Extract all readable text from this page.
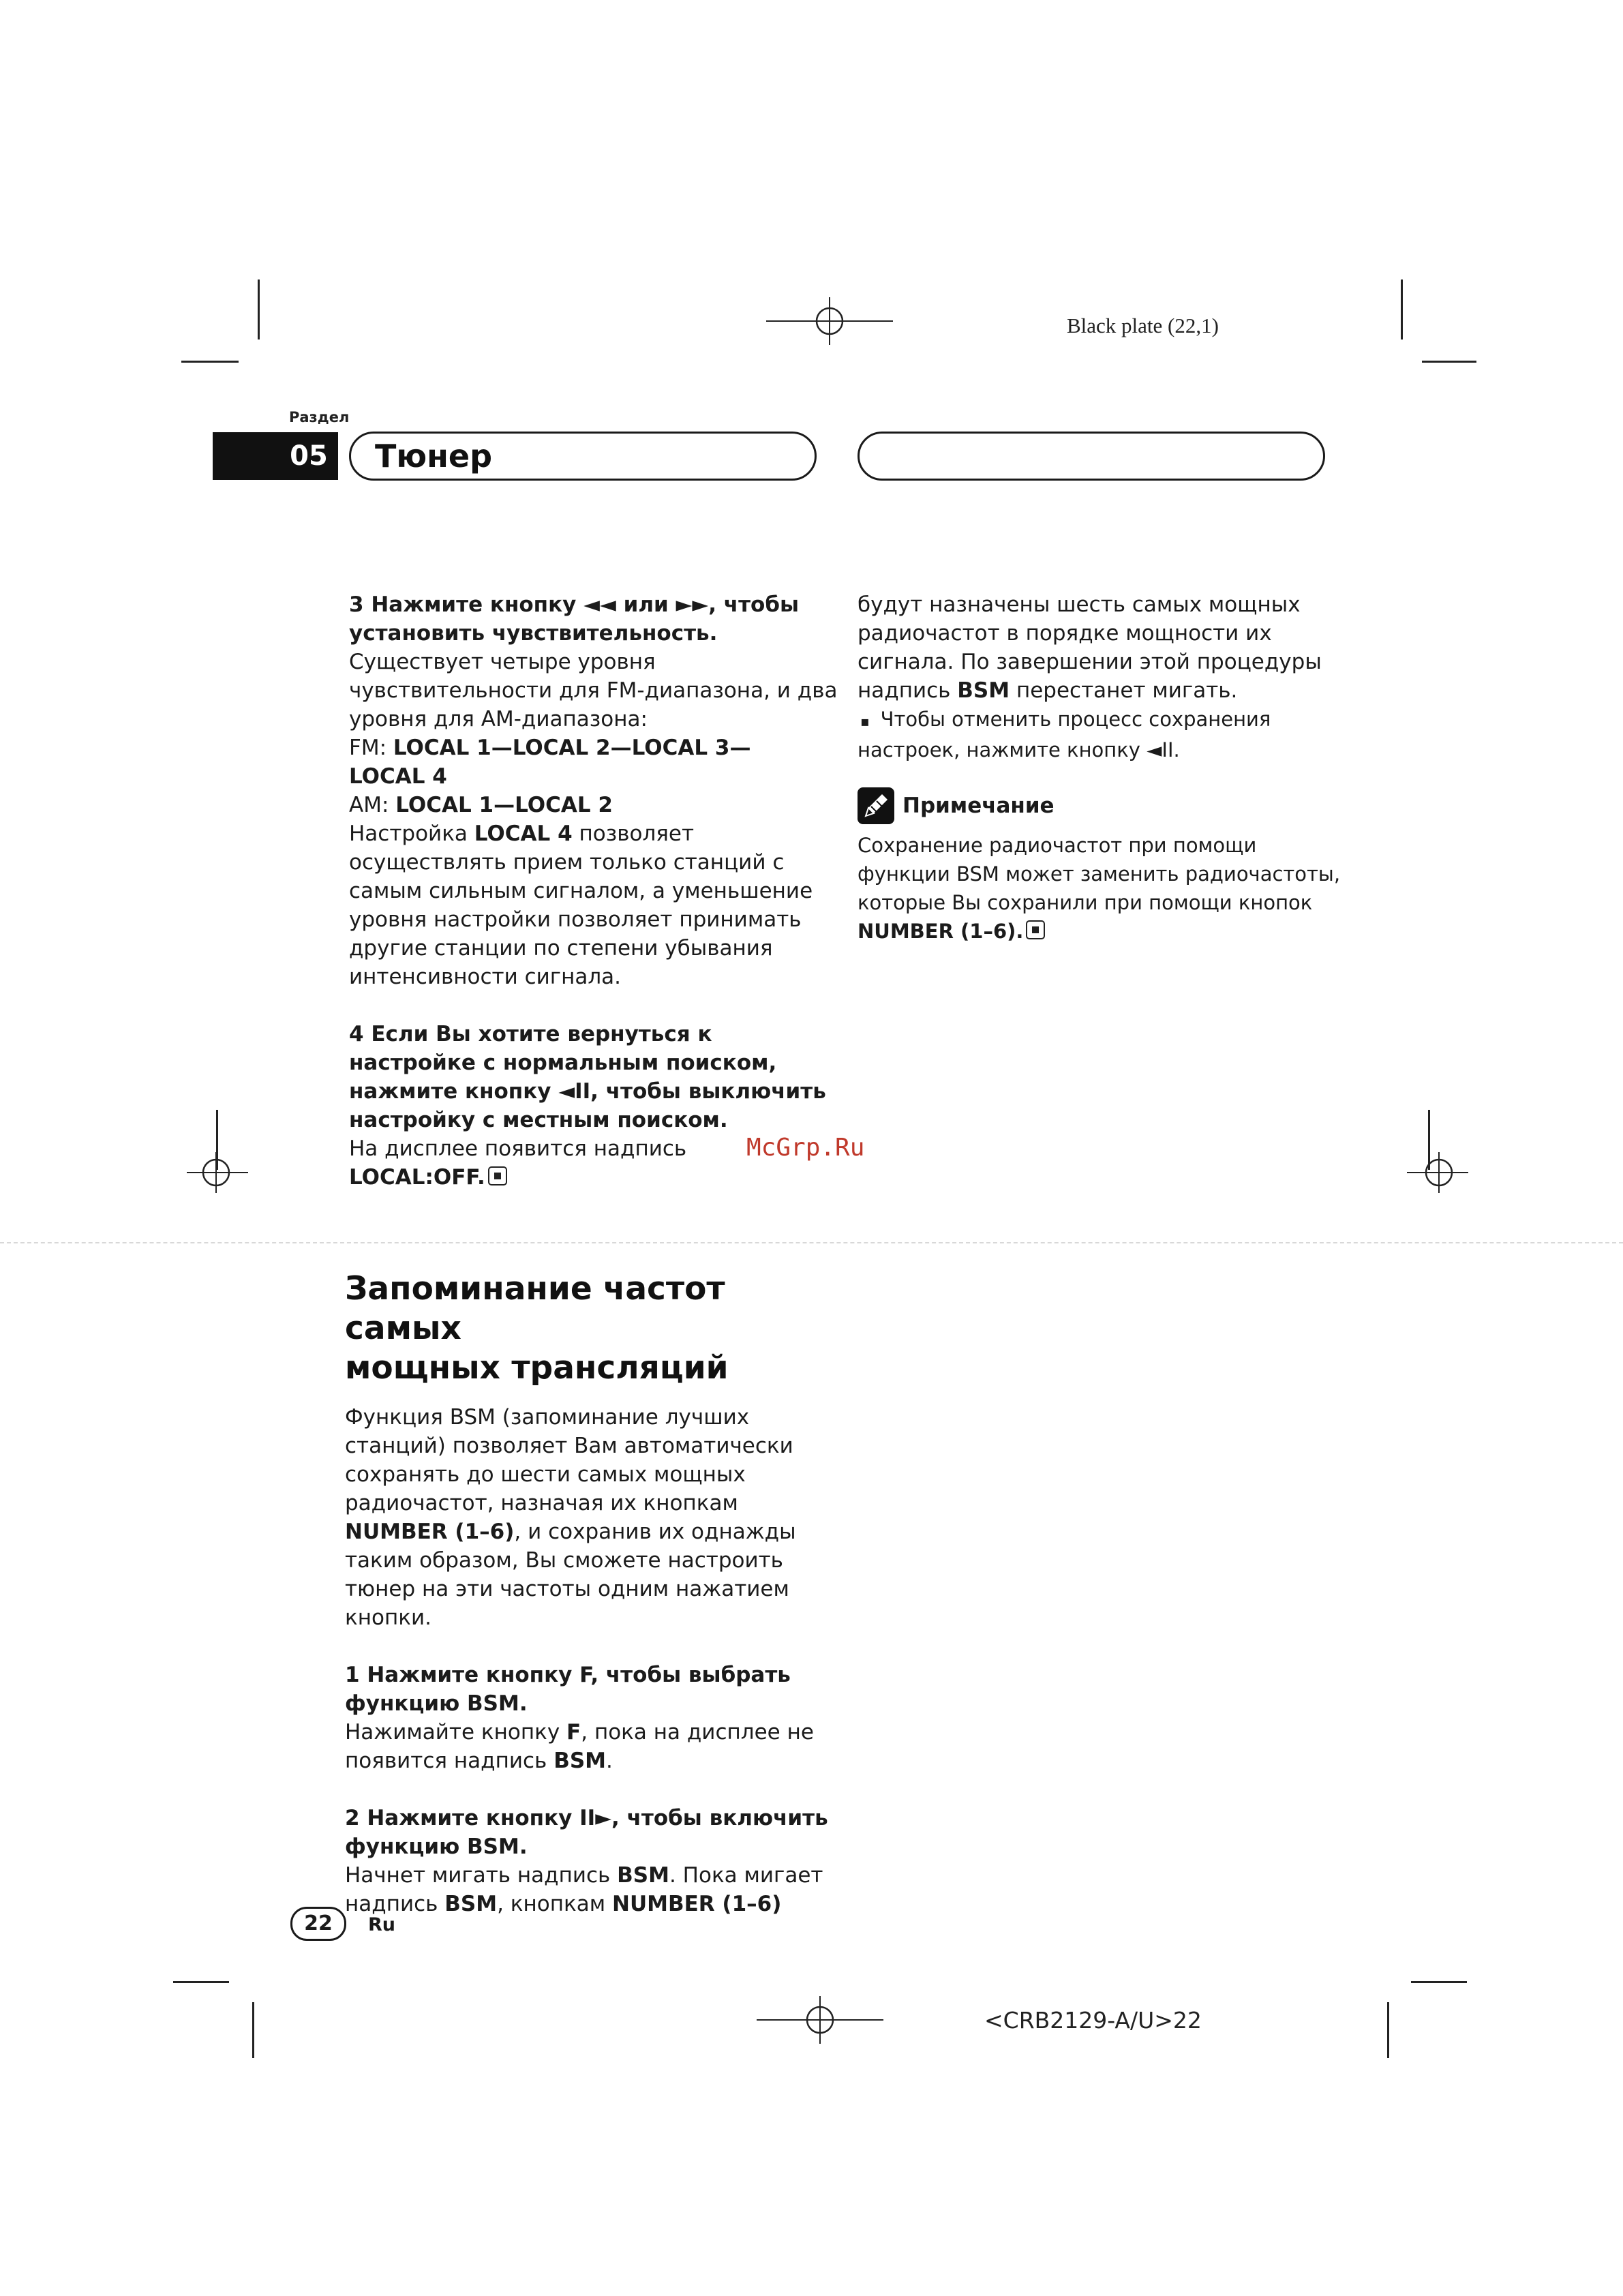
Black plate (22,1)
Раздел
05 Тюнер

3 Нажмите кнопку ◄◄ или ►►, чтобы
установить чувствительность.

Существует четыре уровня
чувствительности для FM-диапазона, и два
уровня для АМ-диапазона:
FM: LOCAL 1—LOCAL 2—LOCAL 3—
LOCAL 4
AM: LOCAL 1—LOCAL 2
Настройка LOCAL 4 позволяет
осуществлять прием только станций с
самым сильным сигналом, а уменьшение
уровня настройки позволяет принимать
другие станции по степени убывания
интенсивности сигнала.

4 Если Вы хотите вернуться к
настройке с нормальным поиском,
нажмите кнопку ◄II, чтобы выключить
настройку с местным поиском.

На дисплее появится надпись
LOCAL:OFF.

будут назначены шесть самых мощных
радиочастот в порядке мощности их
сигнала. По завершении этой процедуры
надпись BSM перестанет мигать.

▪ Чтобы отменить процесс сохранения
настроек, нажмите кнопку ◄II.

Примечание

Сохранение радиочастот при помощи
функции BSM может заменить радиочастоты,
которые Вы сохранили при помощи кнопок
NUMBER (1–6).

McGrp.Ru

Запоминание частот самых
мощных трансляций

Функция BSM (запоминание лучших
станций) позволяет Вам автоматически
сохранять до шести самых мощных
радиочастот, назначая их кнопкам
NUMBER (1–6), и сохранив их однажды
таким образом, Вы сможете настроить
тюнер на эти частоты одним нажатием
кнопки.

1 Нажмите кнопку F, чтобы выбрать
функцию BSM.

Нажимайте кнопку F, пока на дисплее не
появится надпись BSM.

2 Нажмите кнопку II►, чтобы включить
функцию BSM.

Начнет мигать надпись BSM. Пока мигает
надпись BSM, кнопкам NUMBER (1–6)

22	Ru
<CRB2129-A/U>22
